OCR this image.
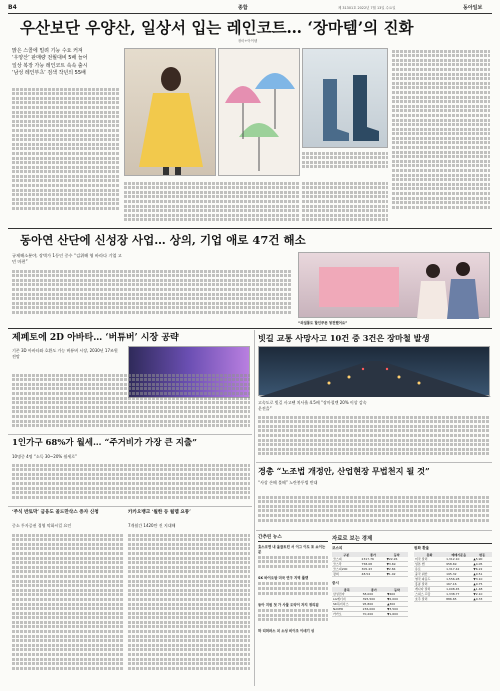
B4	종합	제 31301호 2022년 7월 13일 수요일	동아일보
우산보단 우양산, 일상서 입는 레인코트… ‘장마템’의 진화
장마+아이템
맑은 스콜에 밀려 기능 수요 커져
‘우양산’ 판매량 전월대비 5배 늘어
일상 복장 가능 레인코트 속속 출시
‘남성 레인부츠’ 검색 작년의 55배
동아연 산단에 신성장 사업… 상의, 기업 애로 47건 해소
규제해소분야, 장벽가 1등인 중수 “김위해 영 바라다 기업 고민 마편”
“외설통도 할인쿠폰 청전했어요”
제페토에 2D 아바타… ‘버튜버’ 시장 공략
기존 3D 아바타와 호환도 가능 버튜버 시장, 2030년 17조원 전망
1인가구 68%가 월세… “주거비가 가장 큰 지출”
10명중 4명 “소득 30~20% 월세로”
‘주식 반토막’ 금융도 골드만삭스 증자 신청
중소 투자증권 경영 악화시킬 요인
카카오뱅크 ‘월한 등 월렙 요통’
7개월간 1420만 진 지대해
빗길 교통 사망사고 10건 중 3건은 장마철 발생
고속도로 빗길 사고땐 치사율 4.5배 “장마철엔 20% 이상 감속 운전을”
경총 “노조법 개정안, 산업현장 무법천지 될 것”
“사상 손해 불해” 노란봉투법 반대
간추린 뉴스
효스코엔 내 올클트린 서 이그 이도 포 쇼이는 분
SK 바이오팜 미국 연구 지역 플랫
동아 지원 첫 가 사물 도약이 자지 정리됨
하 리머퍼스 치 소성 비이조 이데기 성
자료로 보는 경제
코스피
구분	종가	등락
코스피	2317.76	▼22.26
코스닥	758.08	▼3.69
코스피200	305.43	▼2.84
장외	48.54	▼1.02
증시
종목	종가	등락
삼성전자	58,000	▼400
LG에너지	395,500	▼2,000
SK하이닉스	95,800	▲300
NAVER	236,000	▼3,500
카카오	70,200	▼1,600
원화 환율
통화	매매기준율	변동
미국 달러	1,312.10	▲5.90
일본 엔	958.69	▲4.05
유로	1,317.42	▼6.22
중국 위안	195.32	▲0.51
영국 파운드	1,556.28	▼3.10
홍콩 달러	167.16	▲0.75
캐나다 달러	1,008.45	▲1.48
스위스 프랑	1,338.77	▼2.10
호주 달러	886.65	▲0.33
